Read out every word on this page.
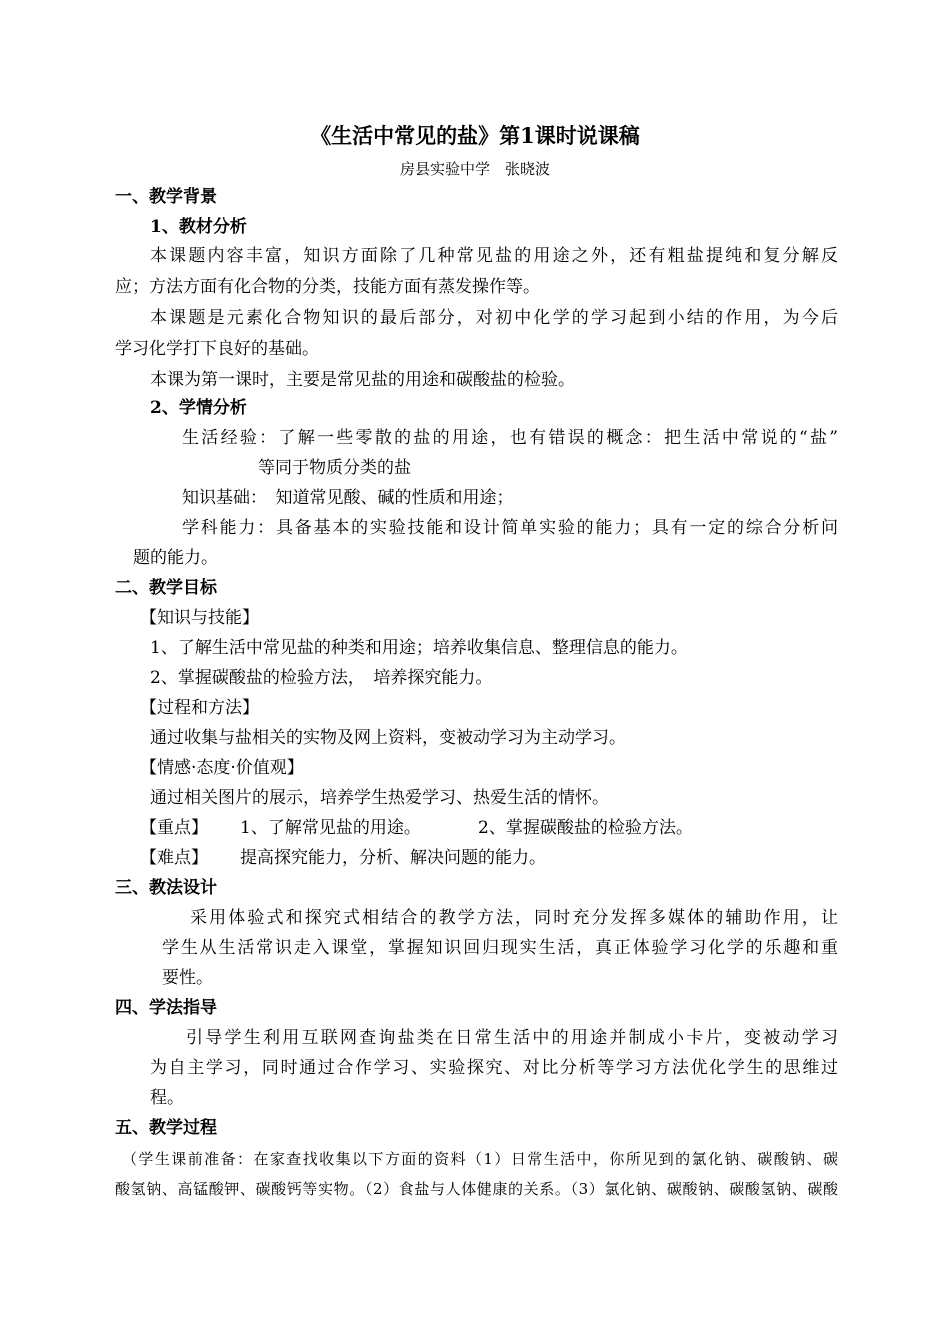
《生活中常见的盐》第1课时说课稿
房县实验中学　张晓波
一、教学背景
1、教材分析
本课题内容丰富，知识方面除了几种常见盐的用途之外，还有粗盐提纯和复分解反
应；方法方面有化合物的分类，技能方面有蒸发操作等。
本课题是元素化合物知识的最后部分，对初中化学的学习起到小结的作用，为今后
学习化学打下良好的基础。
本课为第一课时，主要是常见盐的用途和碳酸盐的检验。
2、学情分析
生活经验：了解一些零散的盐的用途，也有错误的概念：把生活中常说的“盐”
等同于物质分类的盐
知识基础：　知道常见酸、碱的性质和用途；
学科能力：具备基本的实验技能和设计简单实验的能力；具有一定的综合分析问
题的能力。
二、教学目标
【知识与技能】
1、了解生活中常见盐的种类和用途；培养收集信息、整理信息的能力。
2、掌握碳酸盐的检验方法，　培养探究能力。
【过程和方法】
通过收集与盐相关的实物及网上资料，变被动学习为主动学习。
【情感·态度·价值观】
通过相关图片的展示，培养学生热爱学习、热爱生活的情怀。
【重点】 1、了解常见盐的用途。	2、掌握碳酸盐的检验方法。
【难点】 提高探究能力，分析、解决问题的能力。
三、教法设计
采用体验式和探究式相结合的教学方法，同时充分发挥多媒体的辅助作用，让
学生从生活常识走入课堂，掌握知识回归现实生活，真正体验学习化学的乐趣和重
要性。
四、学法指导
引导学生利用互联网查询盐类在日常生活中的用途并制成小卡片，变被动学习
为自主学习，同时通过合作学习、实验探究、对比分析等学习方法优化学生的思维过
程。
五、教学过程
（学生课前准备：在家查找收集以下方面的资料（1）日常生活中，你所见到的氯化钠、碳酸钠、碳
酸氢钠、高锰酸钾、碳酸钙等实物。（2）食盐与人体健康的关系。（3）氯化钠、碳酸钠、碳酸氢钠、碳酸
